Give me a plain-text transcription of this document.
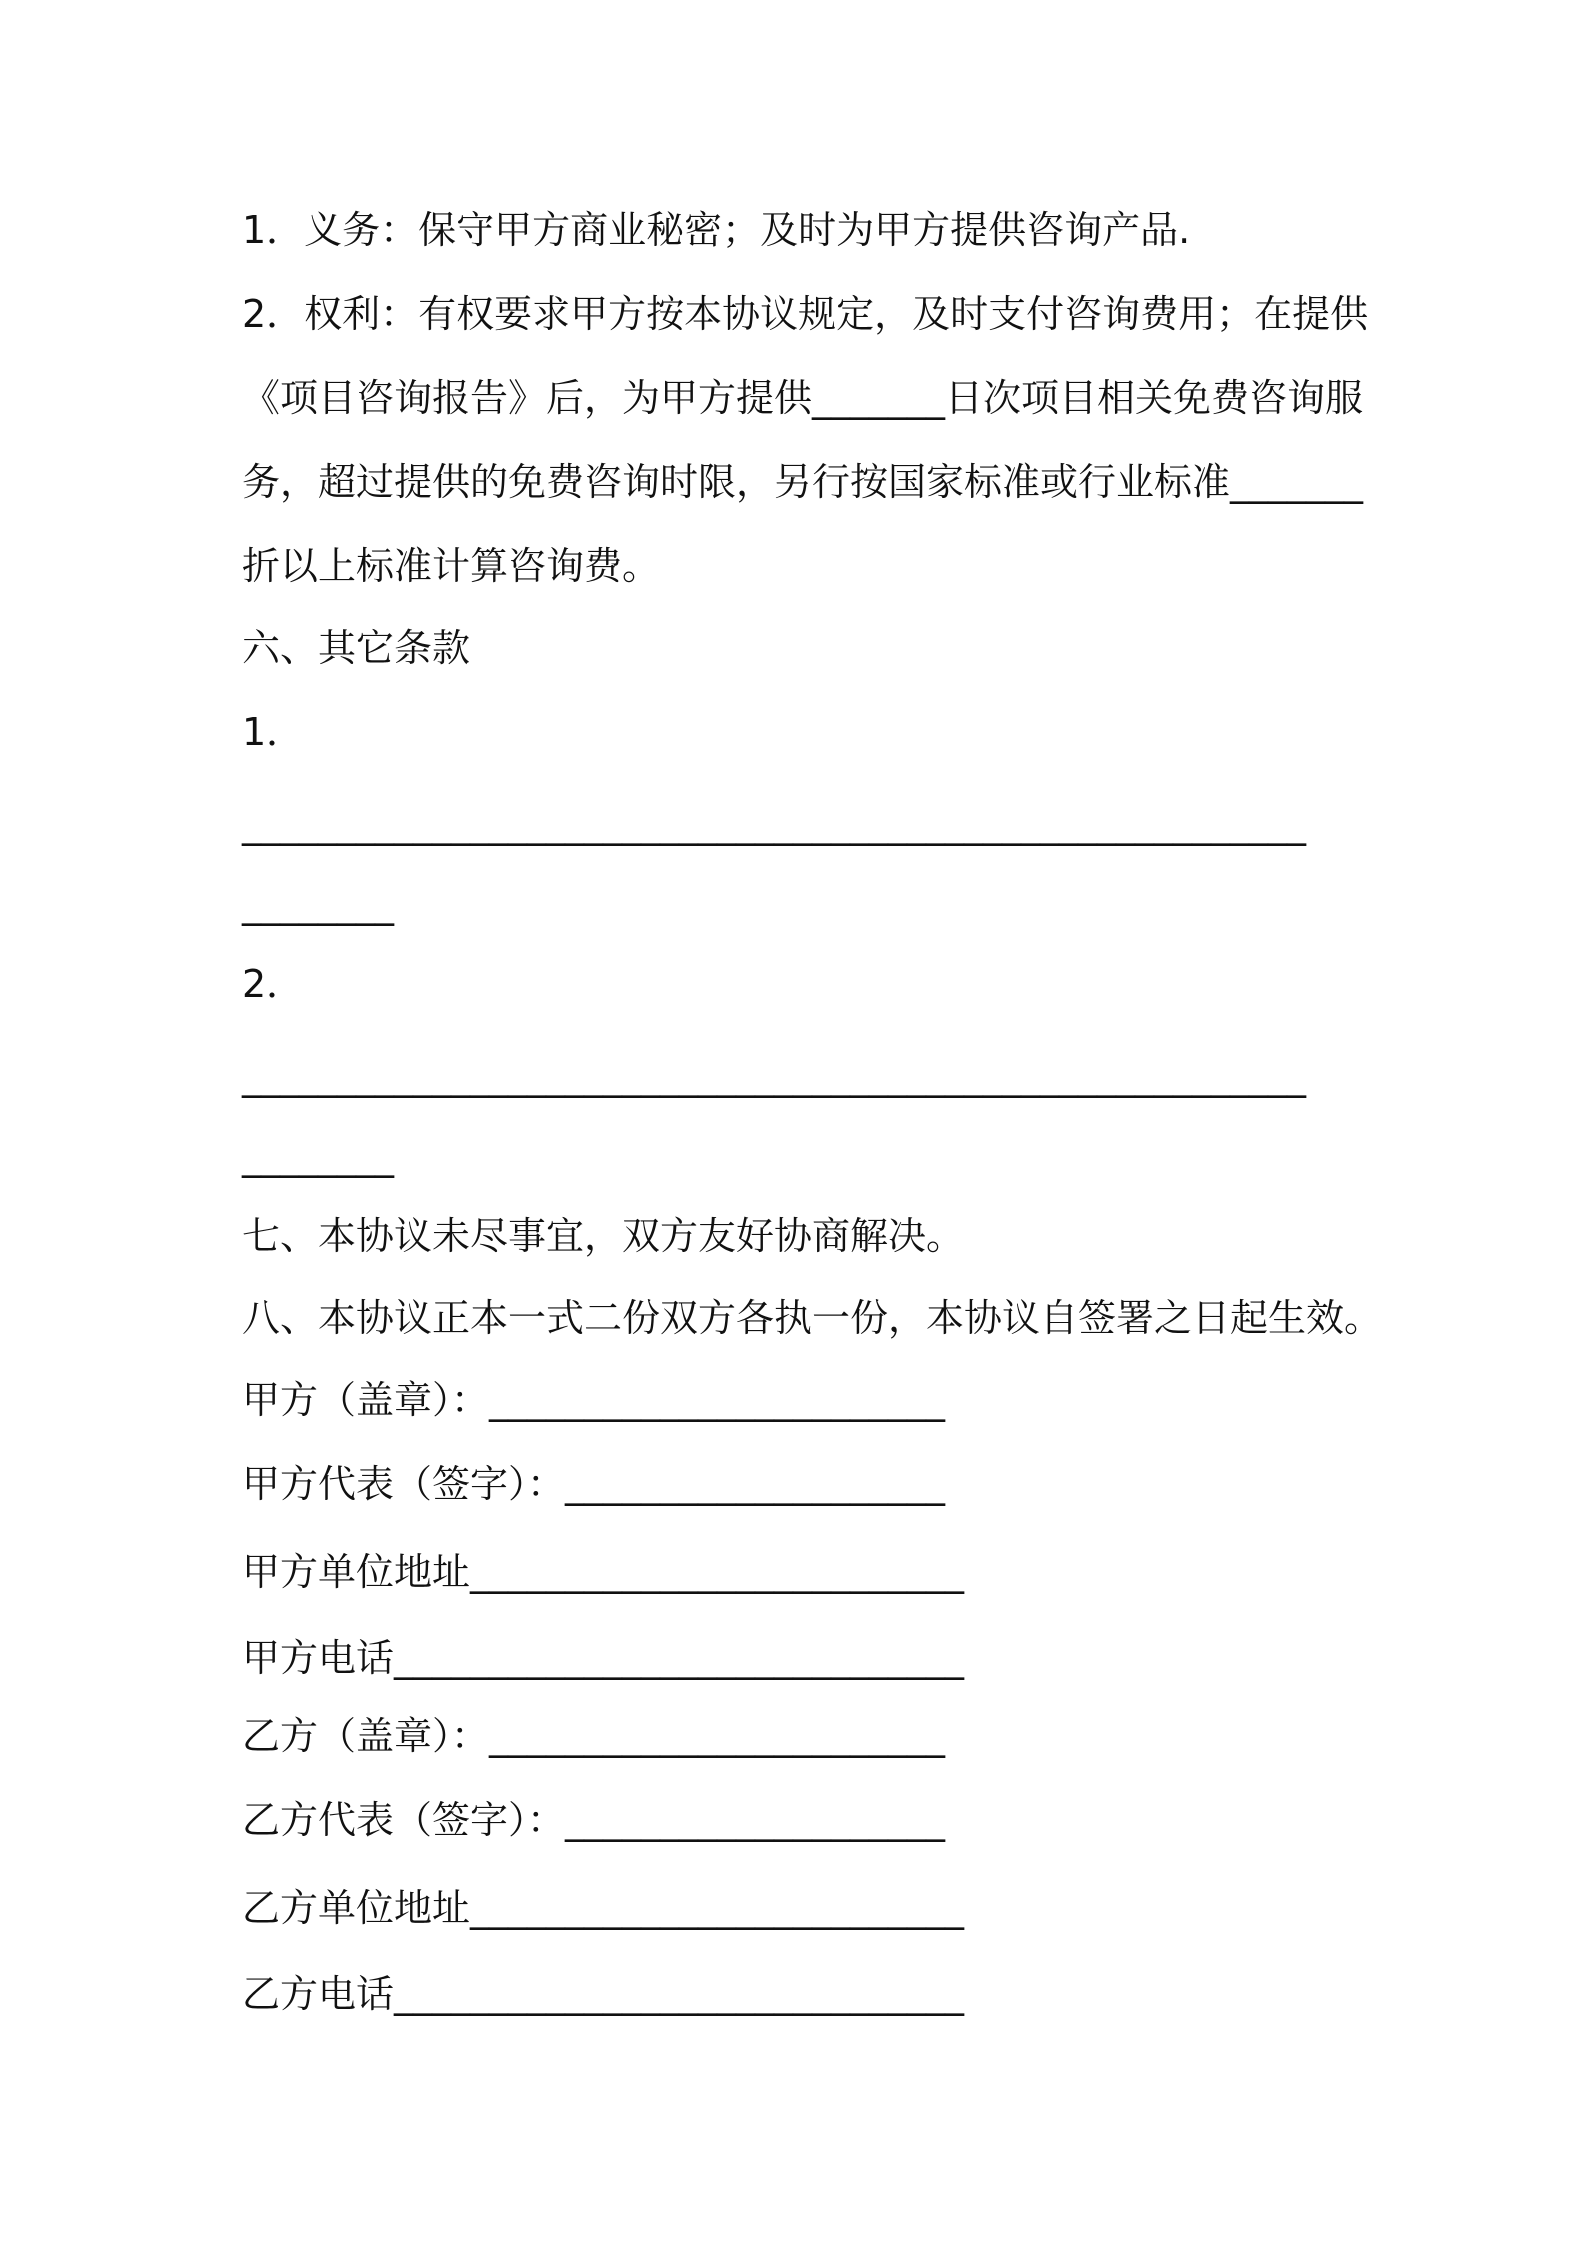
1．义务：保守甲方商业秘密；及时为甲方提供咨询产品.
2．权利：有权要求甲方按本协议规定，及时支付咨询费用；在提供
《项目咨询报告》后，为甲方提供_______日次项目相关免费咨询服
务，超过提供的免费咨询时限，另行按国家标准或行业标准_______
折以上标准计算咨询费。
六、其它条款
1．
________________________________________________________
________
2．
________________________________________________________
________
七、本协议未尽事宜，双方友好协商解决。
八、本协议正本一式二份双方各执一份，本协议自签署之日起生效。
甲方（盖章）：________________________
甲方代表（签字）：____________________
甲方单位地址__________________________
甲方电话______________________________
乙方（盖章）：________________________
乙方代表（签字）：____________________
乙方单位地址__________________________
乙方电话______________________________
